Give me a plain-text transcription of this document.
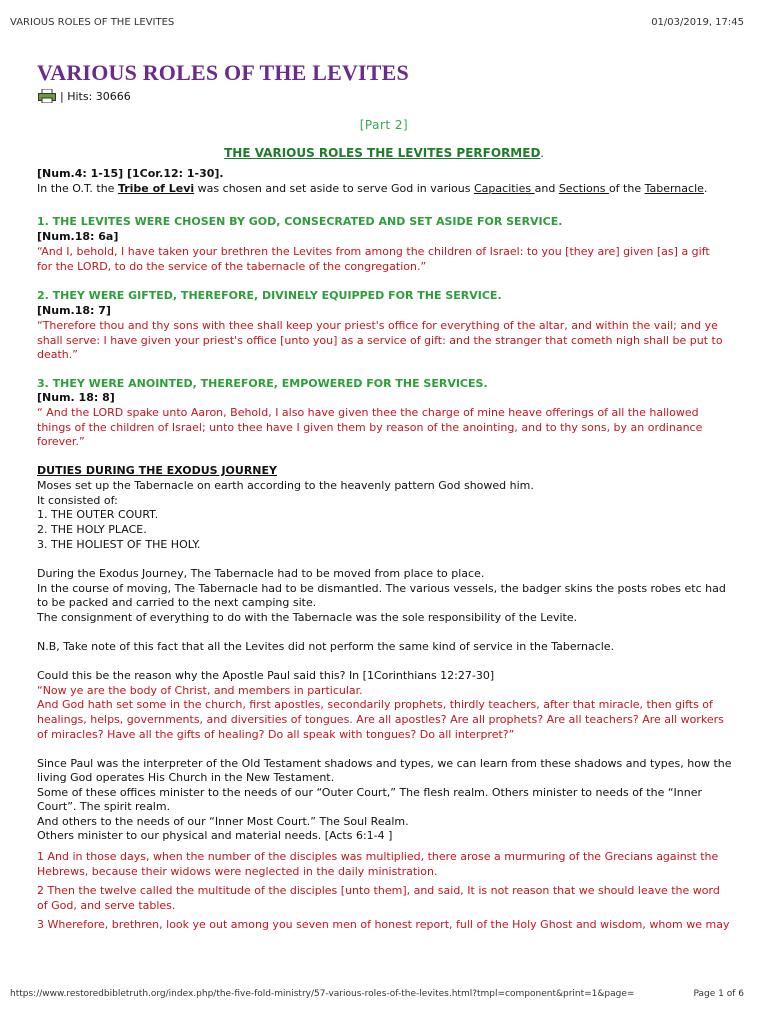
VARIOUS ROLES OF THE LEVITES	01/03/2019, 17:45
VARIOUS ROLES OF THE LEVITES
| Hits: 30666
[Part 2]
THE VARIOUS ROLES THE LEVITES PERFORMED.
[Num.4: 1-15] [1Cor.12: 1-30].
In the O.T. the Tribe of Levi was chosen and set aside to serve God in various Capacities and Sections of the Tabernacle.
1. THE LEVITES WERE CHOSEN BY GOD, CONSECRATED AND SET ASIDE FOR SERVICE.
[Num.18: 6a]
“And I, behold, I have taken your brethren the Levites from among the children of Israel: to you [they are] given [as] a gift
for the LORD, to do the service of the tabernacle of the congregation.”
2. THEY WERE GIFTED, THEREFORE, DIVINELY EQUIPPED FOR THE SERVICE.
[Num.18: 7]
“Therefore thou and thy sons with thee shall keep your priest's office for everything of the altar, and within the vail; and ye
shall serve: I have given your priest's office [unto you] as a service of gift: and the stranger that cometh nigh shall be put to
death.”
3. THEY WERE ANOINTED, THEREFORE, EMPOWERED FOR THE SERVICES.
[Num. 18: 8]
“ And the LORD spake unto Aaron, Behold, I also have given thee the charge of mine heave offerings of all the hallowed
things of the children of Israel; unto thee have I given them by reason of the anointing, and to thy sons, by an ordinance
forever.”
DUTIES DURING THE EXODUS JOURNEY
Moses set up the Tabernacle on earth according to the heavenly pattern God showed him.
It consisted of:
1. THE OUTER COURT.
2. THE HOLY PLACE.
3. THE HOLIEST OF THE HOLY.
During the Exodus Journey, The Tabernacle had to be moved from place to place.
In the course of moving, The Tabernacle had to be dismantled. The various vessels, the badger skins the posts robes etc had
to be packed and carried to the next camping site.
The consignment of everything to do with the Tabernacle was the sole responsibility of the Levite.
N.B, Take note of this fact that all the Levites did not perform the same kind of service in the Tabernacle.
Could this be the reason why the Apostle Paul said this? In [1Corinthians 12:27-30]
“Now ye are the body of Christ, and members in particular.
And God hath set some in the church, first apostles, secondarily prophets, thirdly teachers, after that miracle, then gifts of
healings, helps, governments, and diversities of tongues. Are all apostles? Are all prophets? Are all teachers? Are all workers
of miracles? Have all the gifts of healing? Do all speak with tongues? Do all interpret?”
Since Paul was the interpreter of the Old Testament shadows and types, we can learn from these shadows and types, how the
living God operates His Church in the New Testament.
Some of these offices minister to the needs of our “Outer Court,” The flesh realm. Others minister to needs of the “Inner
Court”. The spirit realm.
And others to the needs of our “Inner Most Court.” The Soul Realm.
Others minister to our physical and material needs. [Acts 6:1-4 ]
1 And in those days, when the number of the disciples was multiplied, there arose a murmuring of the Grecians against the
Hebrews, because their widows were neglected in the daily ministration.
2 Then the twelve called the multitude of the disciples [unto them], and said, It is not reason that we should leave the word
of God, and serve tables.
3 Wherefore, brethren, look ye out among you seven men of honest report, full of the Holy Ghost and wisdom, whom we may
https://www.restoredbibletruth.org/index.php/the-five-fold-ministry/57-various-roles-of-the-levites.html?tmpl=component&print=1&page=	Page 1 of 6
